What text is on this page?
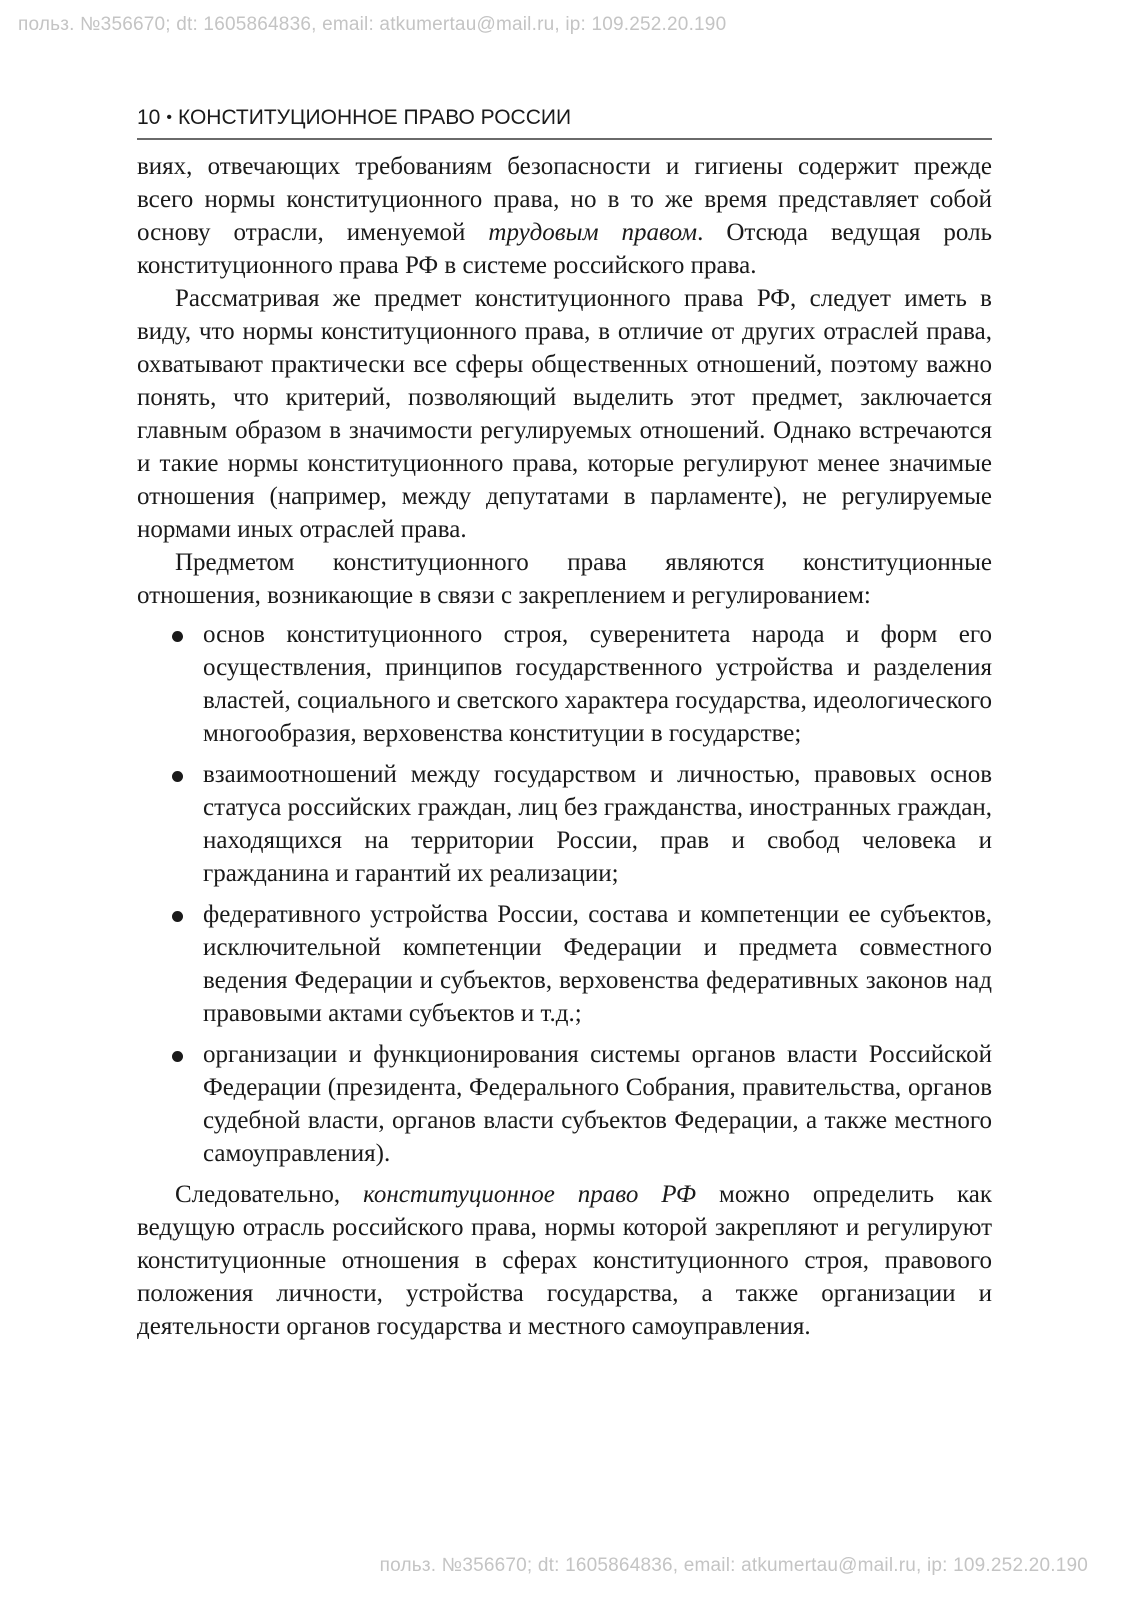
польз. №356670; dt: 1605864836, email: atkumertau@mail.ru, ip: 109.252.20.190
10 • КОНСТИТУЦИОННОЕ ПРАВО РОССИИ

виях, отвечающих требованиям безопасности и гигиены содержит прежде всего нормы конституционного права, но в то же время представляет собой основу отрасли, именуемой трудовым правом. Отсюда ведущая роль конституционного права РФ в системе российского права.

Рассматривая же предмет конституционного права РФ, следует иметь в виду, что нормы конституционного права, в отличие от других отраслей права, охватывают практически все сферы общественных отношений, поэтому важно понять, что критерий, позволяющий выделить этот предмет, заключается главным образом в значимости регулируемых отношений. Однако встречаются и такие нормы конституционного права, которые регулируют менее значимые отношения (например, между депутатами в парламенте), не регулируемые нормами иных отраслей права.

Предметом конституционного права являются конституционные отношения, возникающие в связи с закреплением и регулированием:

основ конституционного строя, суверенитета народа и форм его осуществления, принципов государственного устройства и разделения властей, социального и светского характера государства, идеологического многообразия, верховенства конституции в государстве;
взаимоотношений между государством и личностью, правовых основ статуса российских граждан, лиц без гражданства, иностранных граждан, находящихся на территории России, прав и свобод человека и гражданина и гарантий их реализации;
федеративного устройства России, состава и компетенции ее субъектов, исключительной компетенции Федерации и предмета совместного ведения Федерации и субъектов, верховенства федеративных законов над правовыми актами субъектов и т.д.;
организации и функционирования системы органов власти Российской Федерации (президента, Федерального Собрания, правительства, органов судебной власти, органов власти субъектов Федерации, а также местного самоуправления).

Следовательно, конституционное право РФ можно определить как ведущую отрасль российского права, нормы которой закрепляют и регулируют конституционные отношения в сферах конституционного строя, правового положения личности, устройства государства, а также организации и деятельности органов государства и местного самоуправления.

польз. №356670; dt: 1605864836, email: atkumertau@mail.ru, ip: 109.252.20.190
